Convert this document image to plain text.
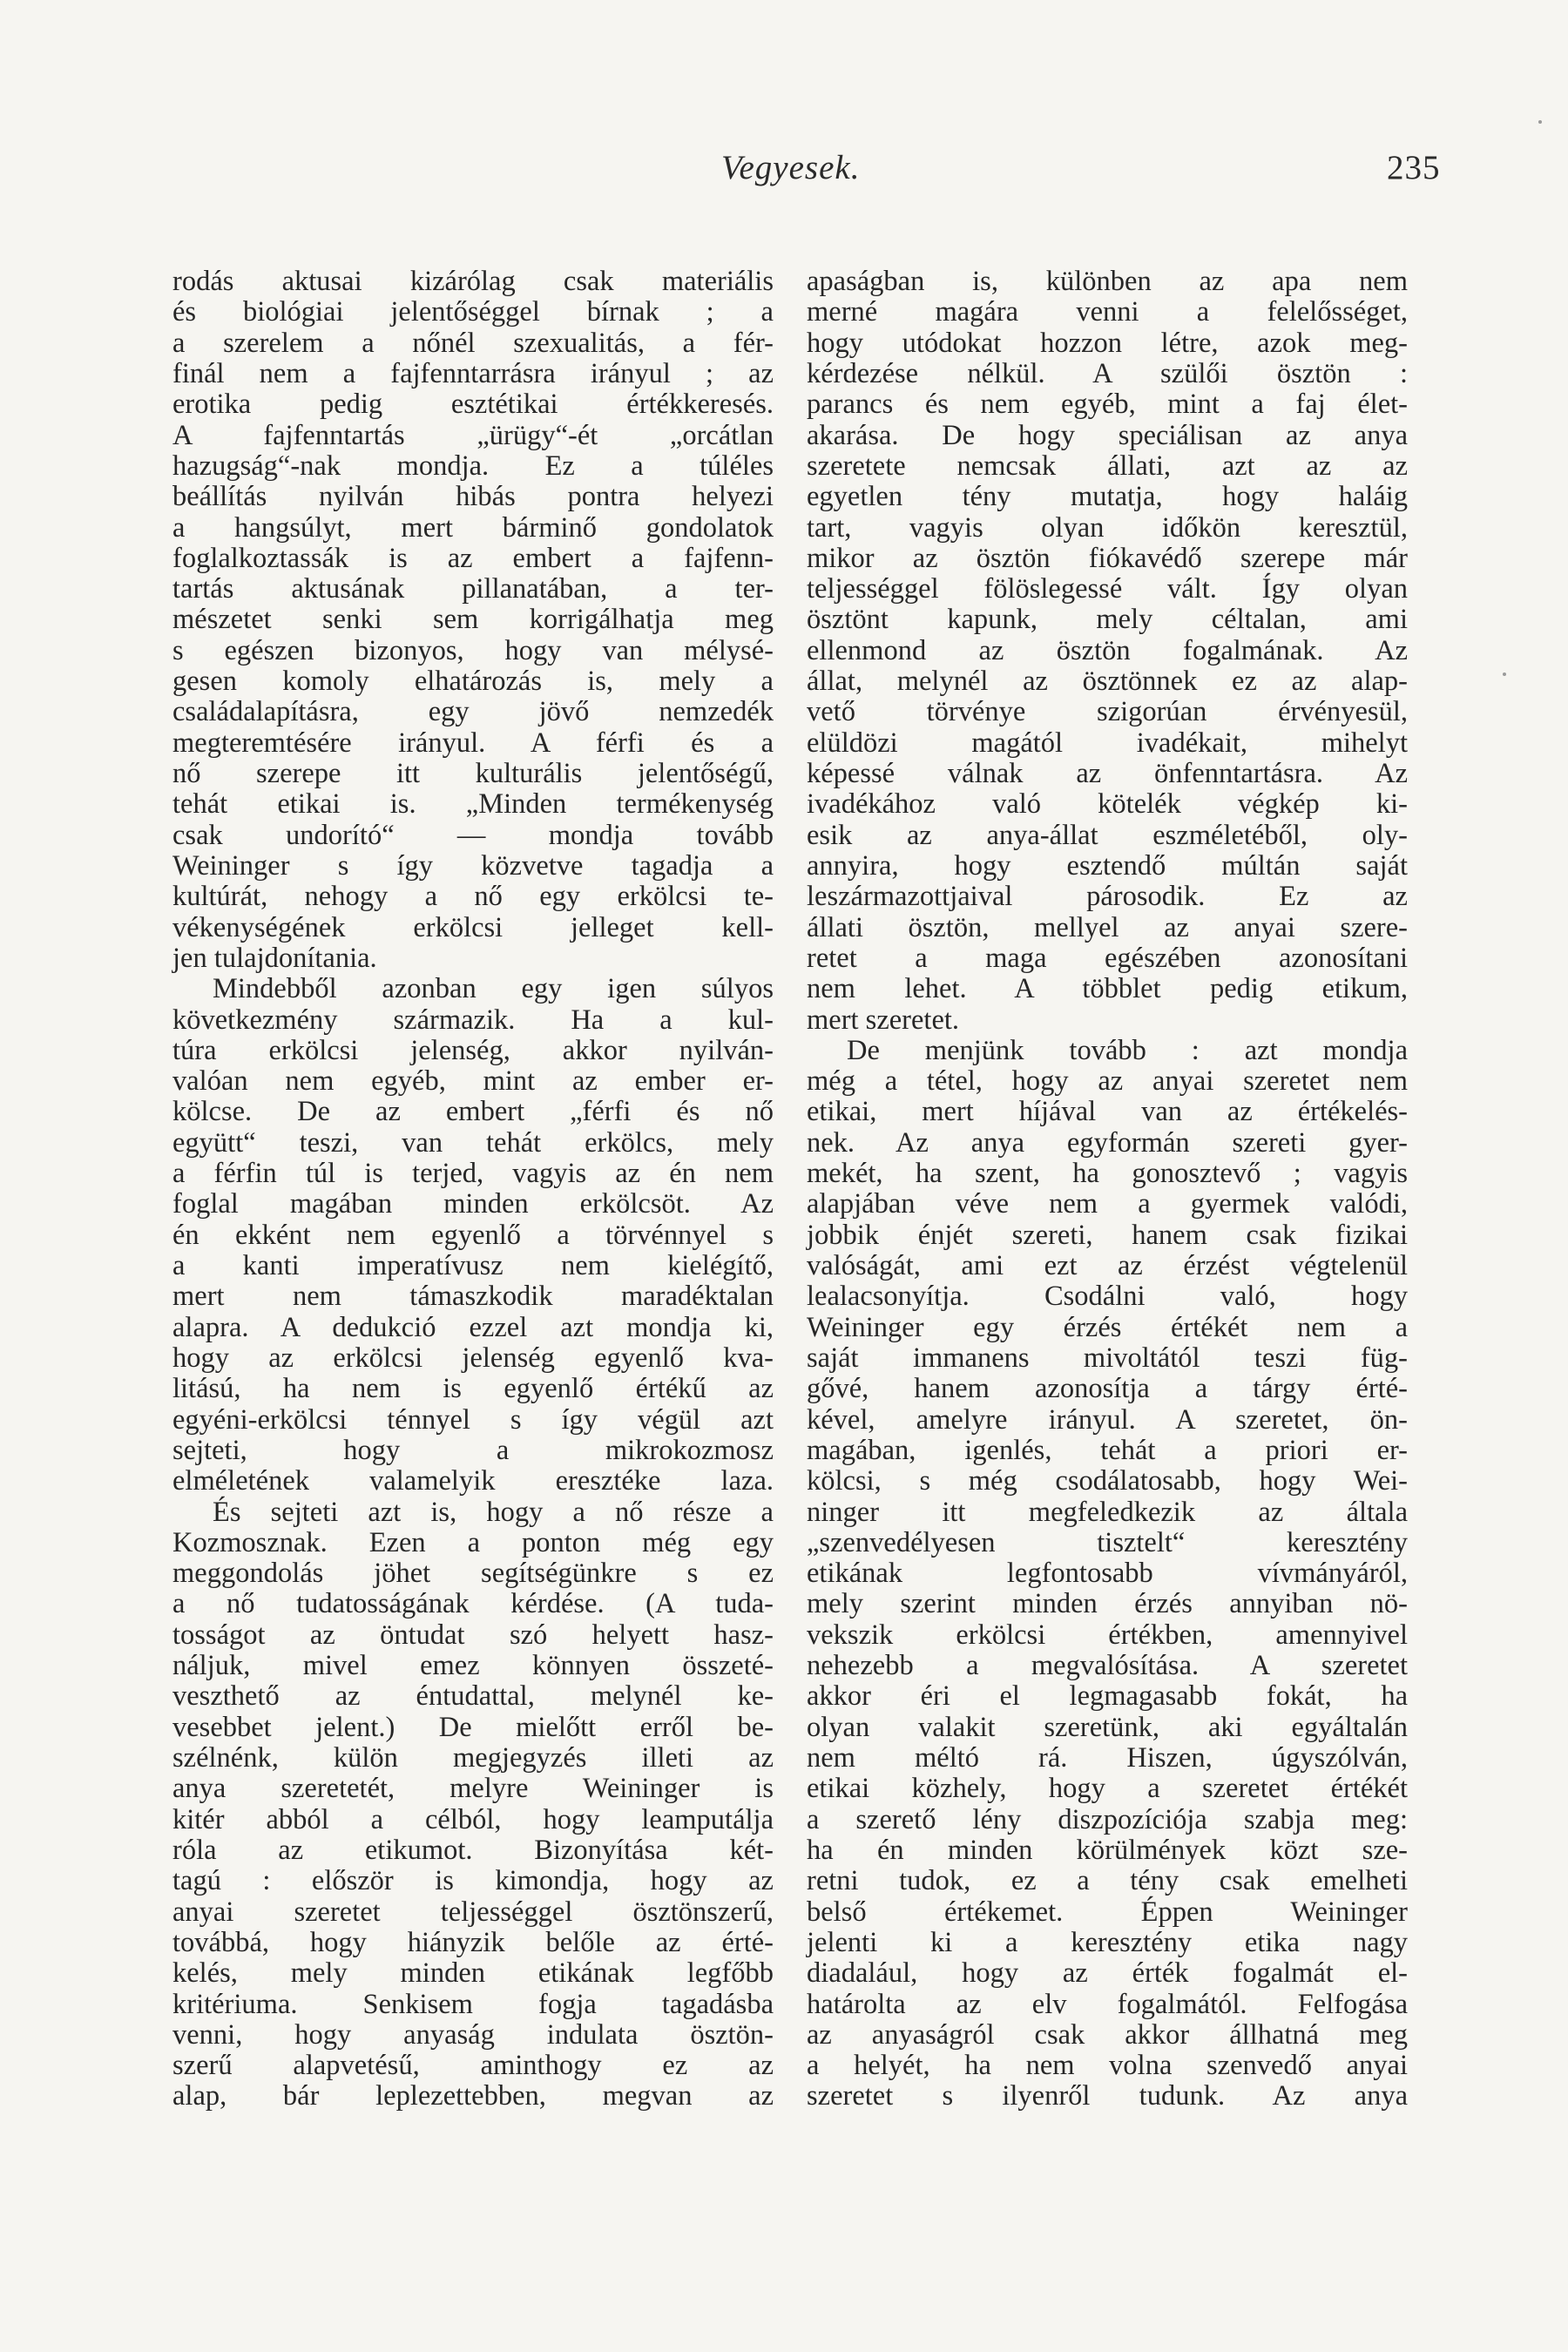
Vegyesek.	235
rodás aktusai kizárólag csak materiális
és biológiai jelentőséggel bírnak ; a
a szerelem a nőnél szexualitás, a fér-
finál nem a fajfenntarrásra irányul ; az
erotika pedig esztétikai értékkeresés.
A fajfenntartás „ürügy“-ét „orcátlan
hazugság“-nak mondja. Ez a túléles
beállítás nyilván hibás pontra helyezi
a hangsúlyt, mert bárminő gondolatok
foglalkoztassák is az embert a fajfenn-
tartás aktusának pillanatában, a ter-
mészetet senki sem korrigálhatja meg
s egészen bizonyos, hogy van mélysé-
gesen komoly elhatározás is, mely a
családalapításra, egy jövő nemzedék
megteremtésére irányul. A férfi és a
nő szerepe itt kulturális jelentőségű,
tehát etikai is. „Minden termékenység
csak undorító“ — mondja tovább
Weininger s így közvetve tagadja a
kultúrát, nehogy a nő egy erkölcsi te-
vékenységének erkölcsi jelleget kell-
jen tulajdonítania.
Mindebből azonban egy igen súlyos
következmény származik. Ha a kul-
túra erkölcsi jelenség, akkor nyilván-
valóan nem egyéb, mint az ember er-
kölcse. De az embert „férfi és nő
együtt“ teszi, van tehát erkölcs, mely
a férfin túl is terjed, vagyis az én nem
foglal magában minden erkölcsöt. Az
én ekként nem egyenlő a törvénnyel s
a kanti imperatívusz nem kielégítő,
mert nem támaszkodik maradéktalan
alapra. A dedukció ezzel azt mondja ki,
hogy az erkölcsi jelenség egyenlő kva-
litású, ha nem is egyenlő értékű az
egyéni-erkölcsi ténnyel s így végül azt
sejteti, hogy a mikrokozmosz
elméletének valamelyik eresztéke laza.
És sejteti azt is, hogy a nő része a
Kozmosznak. Ezen a ponton még egy
meggondolás jöhet segítségünkre s ez
a nő tudatosságának kérdése. (A tuda-
tosságot az öntudat szó helyett hasz-
náljuk, mivel emez könnyen összeté-
veszthető az éntudattal, melynél ke-
vesebbet jelent.) De mielőtt erről be-
szélnénk, külön megjegyzés illeti az
anya szeretetét, melyre Weininger is
kitér abból a célból, hogy leamputálja
róla az etikumot. Bizonyítása két-
tagú : először is kimondja, hogy az
anyai szeretet teljességgel ösztönszerű,
továbbá, hogy hiányzik belőle az érté-
kelés, mely minden etikának legfőbb
kritériuma. Senkisem fogja tagadásba
venni, hogy anyaság indulata ösztön-
szerű alapvetésű, aminthogy ez az
alap, bár leplezettebben, megvan az
apaságban is, különben az apa nem
merné magára venni a felelősséget,
hogy utódokat hozzon létre, azok meg-
kérdezése nélkül. A szülői ösztön :
parancs és nem egyéb, mint a faj élet-
akarása. De hogy speciálisan az anya
szeretete nemcsak állati, azt az az
egyetlen tény mutatja, hogy haláig
tart, vagyis olyan időkön keresztül,
mikor az ösztön fiókavédő szerepe már
teljességgel fölöslegessé vált. Így olyan
ösztönt kapunk, mely céltalan, ami
ellenmond az ösztön fogalmának. Az
állat, melynél az ösztönnek ez az alap-
vető törvénye szigorúan érvényesül,
elüldözi magától ivadékait, mihelyt
képessé válnak az önfenntartásra. Az
ivadékához való kötelék végkép ki-
esik az anya-állat eszméletéből, oly-
annyira, hogy esztendő múltán saját
leszármazottjaival párosodik. Ez az
állati ösztön, mellyel az anyai szere-
retet a maga egészében azonosítani
nem lehet. A többlet pedig etikum,
mert szeretet.
De menjünk tovább : azt mondja
még a tétel, hogy az anyai szeretet nem
etikai, mert híjával van az értékelés-
nek. Az anya egyformán szereti gyer-
mekét, ha szent, ha gonosztevő ; vagyis
alapjában véve nem a gyermek valódi,
jobbik énjét szereti, hanem csak fizikai
valóságát, ami ezt az érzést végtelenül
lealacsonyítja. Csodálni való, hogy
Weininger egy érzés értékét nem a
saját immanens mivoltától teszi füg-
gővé, hanem azonosítja a tárgy érté-
kével, amelyre irányul. A szeretet, ön-
magában, igenlés, tehát a priori er-
kölcsi, s még csodálatosabb, hogy Wei-
ninger itt megfeledkezik az általa
„szenvedélyesen tisztelt“ keresztény
etikának legfontosabb vívmányáról,
mely szerint minden érzés annyiban nö-
vekszik erkölcsi értékben, amennyivel
nehezebb a megvalósítása. A szeretet
akkor éri el legmagasabb fokát, ha
olyan valakit szeretünk, aki egyáltalán
nem méltó rá. Hiszen, úgyszólván,
etikai közhely, hogy a szeretet értékét
a szerető lény diszpozíciója szabja meg:
ha én minden körülmények közt sze-
retni tudok, ez a tény csak emelheti
belső értékemet. Éppen Weininger
jelenti ki a keresztény etika nagy
diadalául, hogy az érték fogalmát el-
határolta az elv fogalmától. Felfogása
az anyaságról csak akkor állhatná meg
a helyét, ha nem volna szenvedő anyai
szeretet s ilyenről tudunk. Az anya
